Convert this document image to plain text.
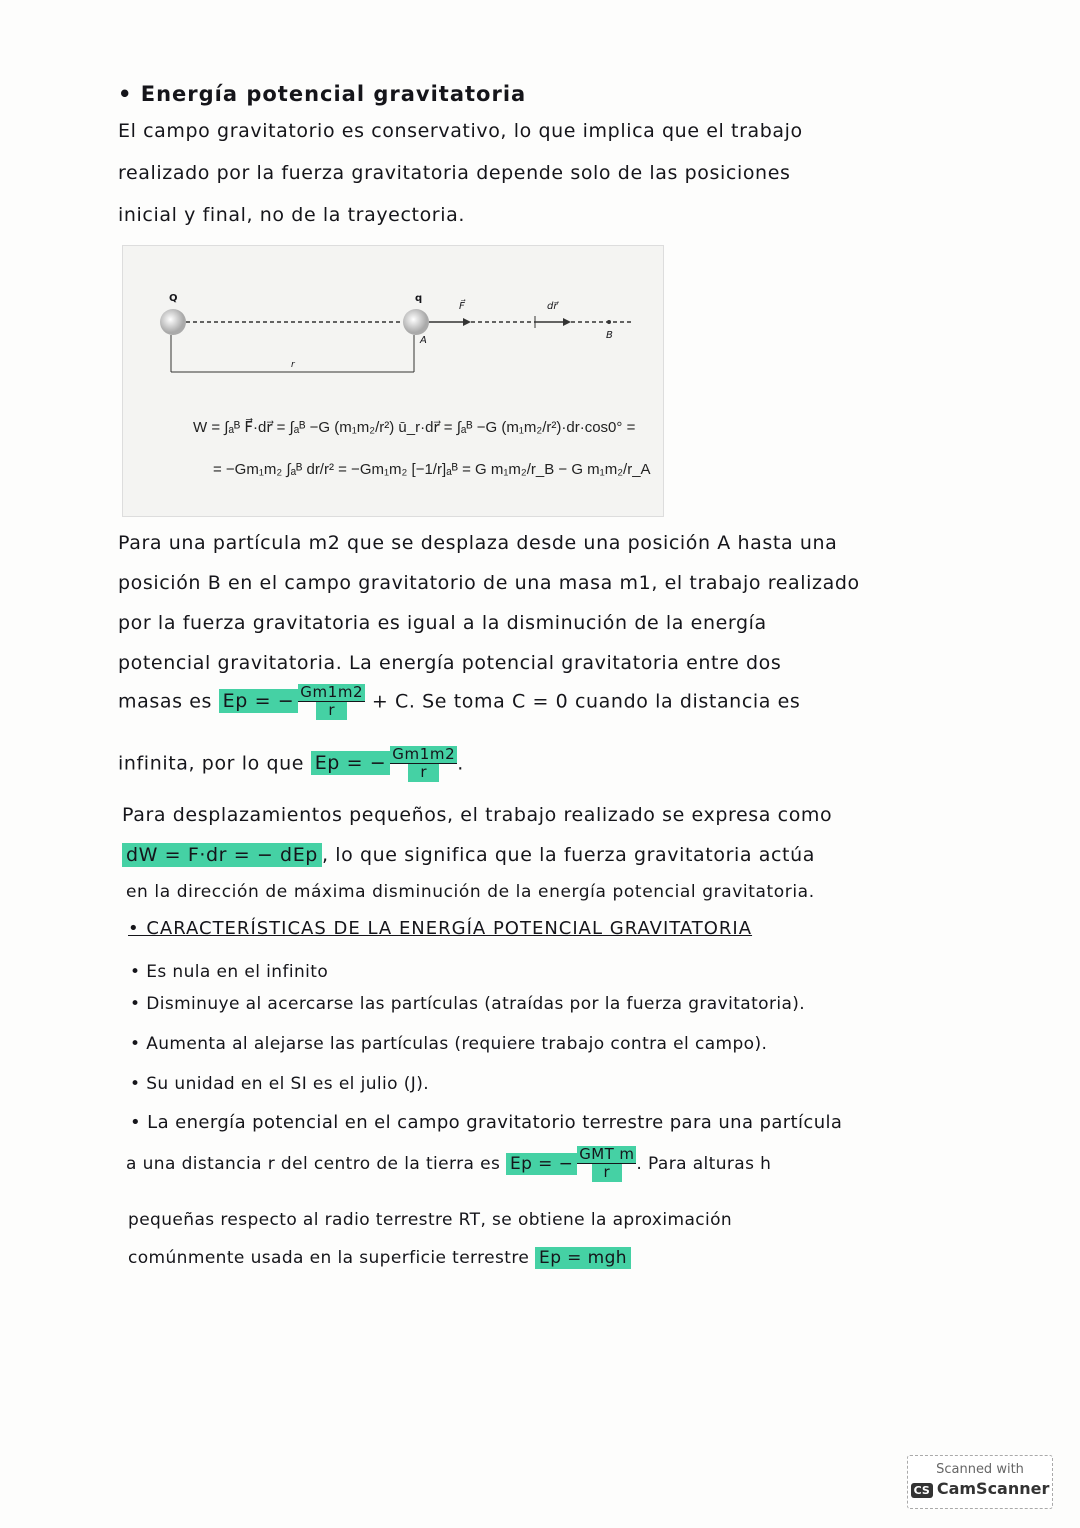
• Energía potencial gravitatoria
El campo gravitatorio es conservativo, lo que implica que el trabajo
realizado por la fuerza gravitatoria depende solo de las posiciones
inicial y final, no de la trayectoria.
Q	q
A	B
F⃗	dr⃗
r
W = ∫ₐᴮ F⃗·dr⃗ = ∫ₐᴮ −G (m₁m₂/r²) ū_r·dr⃗ = ∫ₐᴮ −G (m₁m₂/r²)·dr·cos0° =
= −Gm₁m₂ ∫ₐᴮ dr/r² = −Gm₁m₂ [−1/r]ₐᴮ = G m₁m₂/r_B − G m₁m₂/r_A
Para una partícula m2 que se desplaza desde una posición A hasta una
posición B en el campo gravitatorio de una masa m1, el trabajo realizado
por la fuerza gravitatoria es igual a la disminución de la energía
potencial gravitatoria. La energía potencial gravitatoria entre dos
masas es Ep = − $\frac{Gm1m2}{r} + C$. Se toma C = 0 cuando la distancia es
infinita, por lo que Ep = − $\frac{Gm1m2}{r}$ .
Para desplazamientos pequeños, el trabajo realizado se expresa como
dW = F·dr = − dEp , lo que significa que la fuerza gravitatoria actúa
en la dirección de máxima disminución de la energía potencial gravitatoria.
• CARACTERÍSTICAS DE LA ENERGÍA POTENCIAL GRAVITATORIA
• Es nula en el infinito
• Disminuye al acercarse las partículas (atraídas por la fuerza gravitatoria).
• Aumenta al alejarse las partículas (requiere trabajo contra el campo).
• Su unidad en el SI es el julio (J).
• La energía potencial en el campo gravitatorio terrestre para una partícula
a una distancia r del centro de la tierra es Ep = − $\frac{\text{GMT m}}{r}$ . Para alturas h
pequeñas respecto al radio terrestre RT, se obtiene la aproximación
comúnmente usada en la superficie terrestre Ep = mgh
Scanned with
CS CamScanner
